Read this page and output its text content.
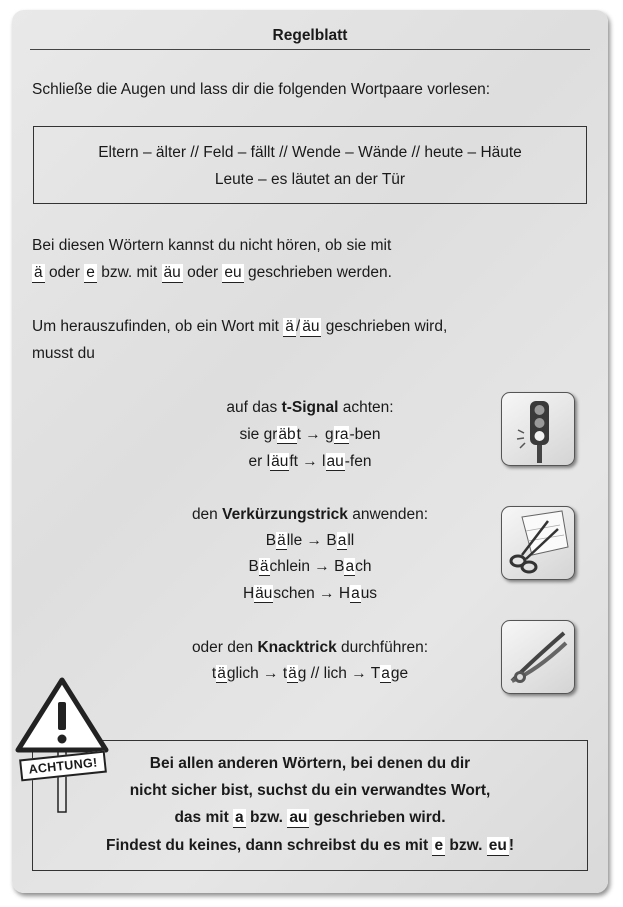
Regelblatt
Schließe die Augen und lass dir die folgenden Wortpaare vorlesen:
Eltern – älter // Feld – fällt // Wende – Wände // heute – Häute
Leute – es läutet an der Tür
Bei diesen Wörtern kannst du nicht hören, ob sie mit
ä oder e bzw. mit äu oder eu geschrieben werden.
Um herauszufinden, ob ein Wort mit ä / äu geschrieben wird,
musst du
auf das t-Signal achten:
sie gräbt → gra-ben
er läuft → lau-fen
den Verkürzungstrick anwenden:
Bälle → Ball
Bächlein → Bach
Häuschen → Haus
oder den Knacktrick durchführen:
täglich → täg // lich → Tage
Bei allen anderen Wörtern, bei denen du dir
nicht sicher bist, suchst du ein verwandtes Wort,
das mit a bzw. au geschrieben wird.
Findest du keines, dann schreibst du es mit e bzw. eu !
ACHTUNG!
